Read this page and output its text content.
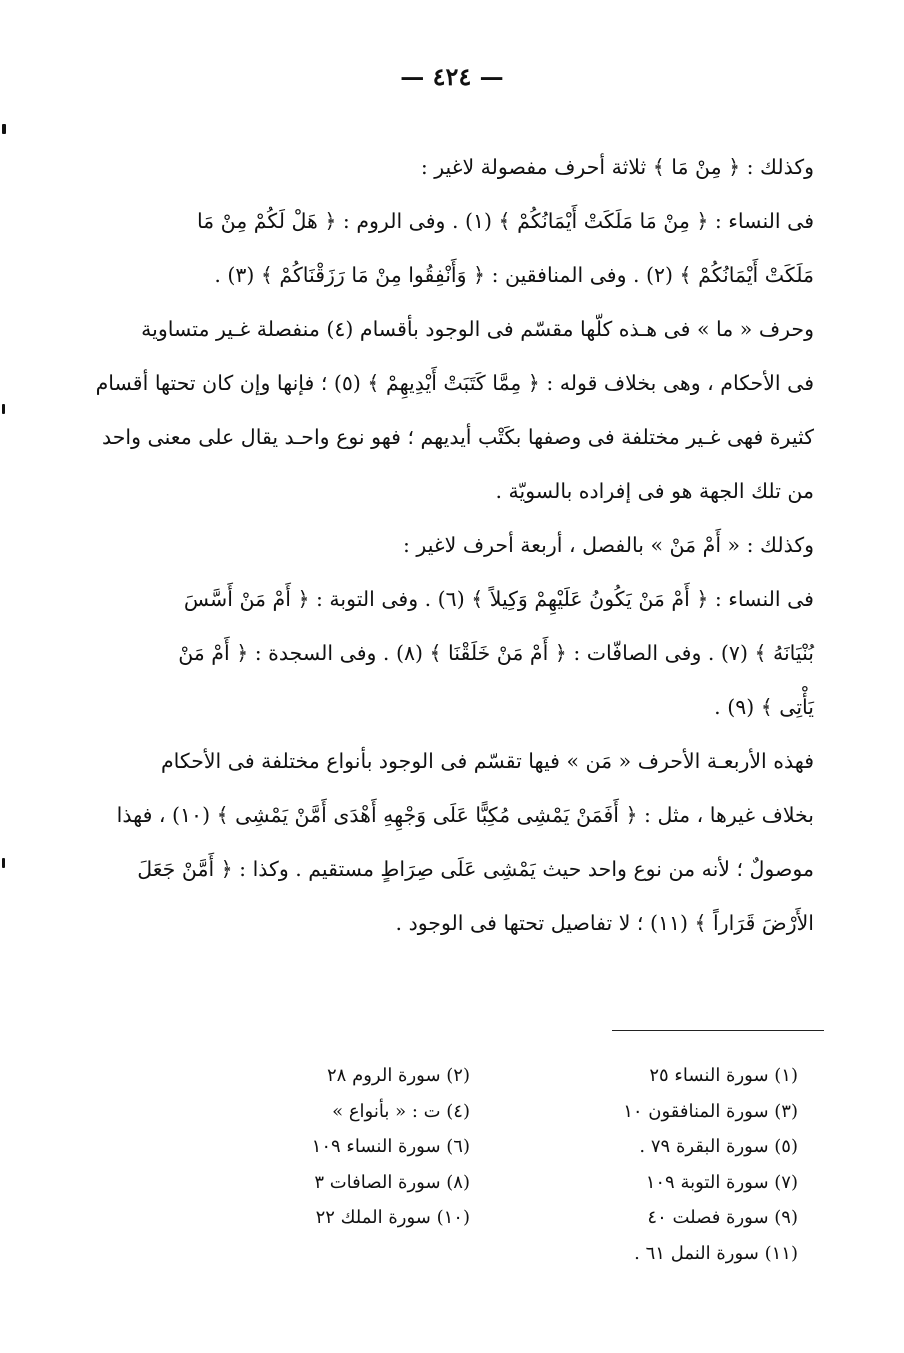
— ٤٢٤ —

وكذلك : ﴿ مِنْ مَا ﴾ ثلاثة أحرف مفصولة لاغير :

فى النساء : ﴿ مِنْ مَا مَلَكَتْ أَيْمَانُكُمْ ﴾ (١) . وفى الروم : ﴿ هَلْ لَكُمْ مِنْ مَا

مَلَكَتْ أَيْمَانُكُمْ ﴾ (٢) . وفى المنافقين : ﴿ وَأَنْفِقُوا مِنْ مَا رَزَقْنَاكُمْ ﴾ (٣) .

وحرف « ما » فى هـذه كلّها مقسّم فى الوجود بأقسام (٤) منفصلة غـير متساوية

فى الأحكام ، وهى بخلاف قوله : ﴿ مِمَّا كَتَبَتْ أَيْدِيهِمْ ﴾ (٥) ؛ فإنها وإن كان تحتها أقسام

كثيرة فهى غـير مختلفة فى وصفها بكَتْب أيديهم ؛ فهو نوع واحـد يقال على معنى واحد

من تلك الجهة هو فى إفراده بالسويّة .

وكذلك : « أَمْ مَنْ » بالفصل ، أربعة أحرف لاغير :

فى النساء : ﴿ أَمْ مَنْ يَكُونُ عَلَيْهِمْ وَكِيلاً ﴾ (٦) . وفى التوبة : ﴿ أَمْ مَنْ أَسَّسَ

بُنْيَانَهُ ﴾ (٧) . وفى الصافّات : ﴿ أَمْ مَنْ خَلَقْنَا ﴾ (٨) . وفى السجدة : ﴿ أَمْ مَنْ

يَأْتِى ﴾ (٩) .

فهذه الأربعـة الأحرف « مَن » فيها تقسّم فى الوجود بأنواع مختلفة فى الأحكام

بخلاف غيرها ، مثل : ﴿ أَفَمَنْ يَمْشِى مُكِبًّا عَلَى وَجْهِهِ أَهْدَى أَمَّنْ يَمْشِى ﴾ (١٠) ، فهذا

موصولٌ ؛ لأنه من نوع واحد حيث يَمْشِى عَلَى صِرَاطٍ مستقيم . وكذا : ﴿ أَمَّنْ جَعَلَ

الأَرْضَ قَرَاراً ﴾ (١١) ؛ لا تفاصيل تحتها فى الوجود .

(١) سورة النساء ٢٥
(٣) سورة المنافقون ١٠
(٥) سورة البقرة ٧٩ .
(٧) سورة التوبة ١٠٩
(٩) سورة فصلت ٤٠
(١١) سورة النمل ٦١ .
(٢) سورة الروم ٢٨
(٤) ت : « بأنواع »
(٦) سورة النساء ١٠٩
(٨) سورة الصافات ٣
(١٠) سورة الملك ٢٢
